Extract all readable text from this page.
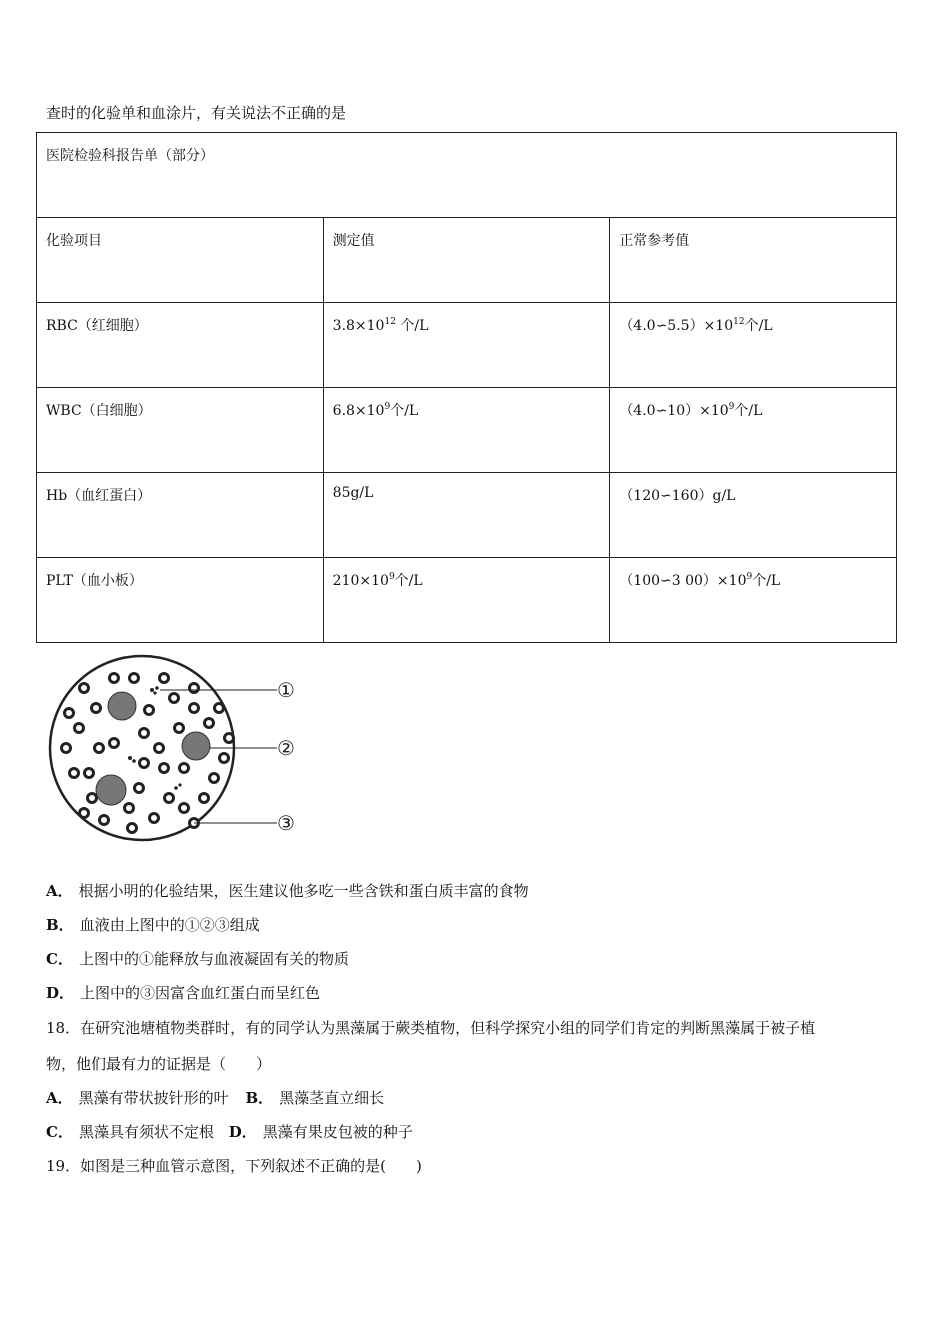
查时的化验单和血涂片，有关说法不正确的是
医院检验科报告单（部分）		
化验项目	测定值	正常参考值
RBC（红细胞）	$3.8\times 10^{12}$ 个/L	$(4.0∽5.5)\times 10^{12}$个/L
WBC（白细胞）	$6.8\times 10^9$个/L	$(4.0∽10)\times 10^9$个/L
Hb（血红蛋白）	85g/L	（120∽160）g/L
PLT（血小板）	$210\times 10^9$个/L	（100∽3 $00)\times 10^9$个/L
①
②
③
A． 根据小明的化验结果，医生建议他多吃一些含铁和蛋白质丰富的食物
B． 血液由上图中的①②③组成
C． 上图中的①能释放与血液凝固有关的物质
D． 上图中的③因富含血红蛋白而呈红色
18．在研究池塘植物类群时，有的同学认为黑藻属于蕨类植物，但科学探究小组的同学们肯定的判断黑藻属于被子植
物，他们最有力的证据是（　　）
A． 黑藻有带状披针形的叶 B． 黑藻茎直立细长
C． 黑藻具有须状不定根 D． 黑藻有果皮包被的种子
19．如图是三种血管示意图，下列叙述不正确的是(　　)
